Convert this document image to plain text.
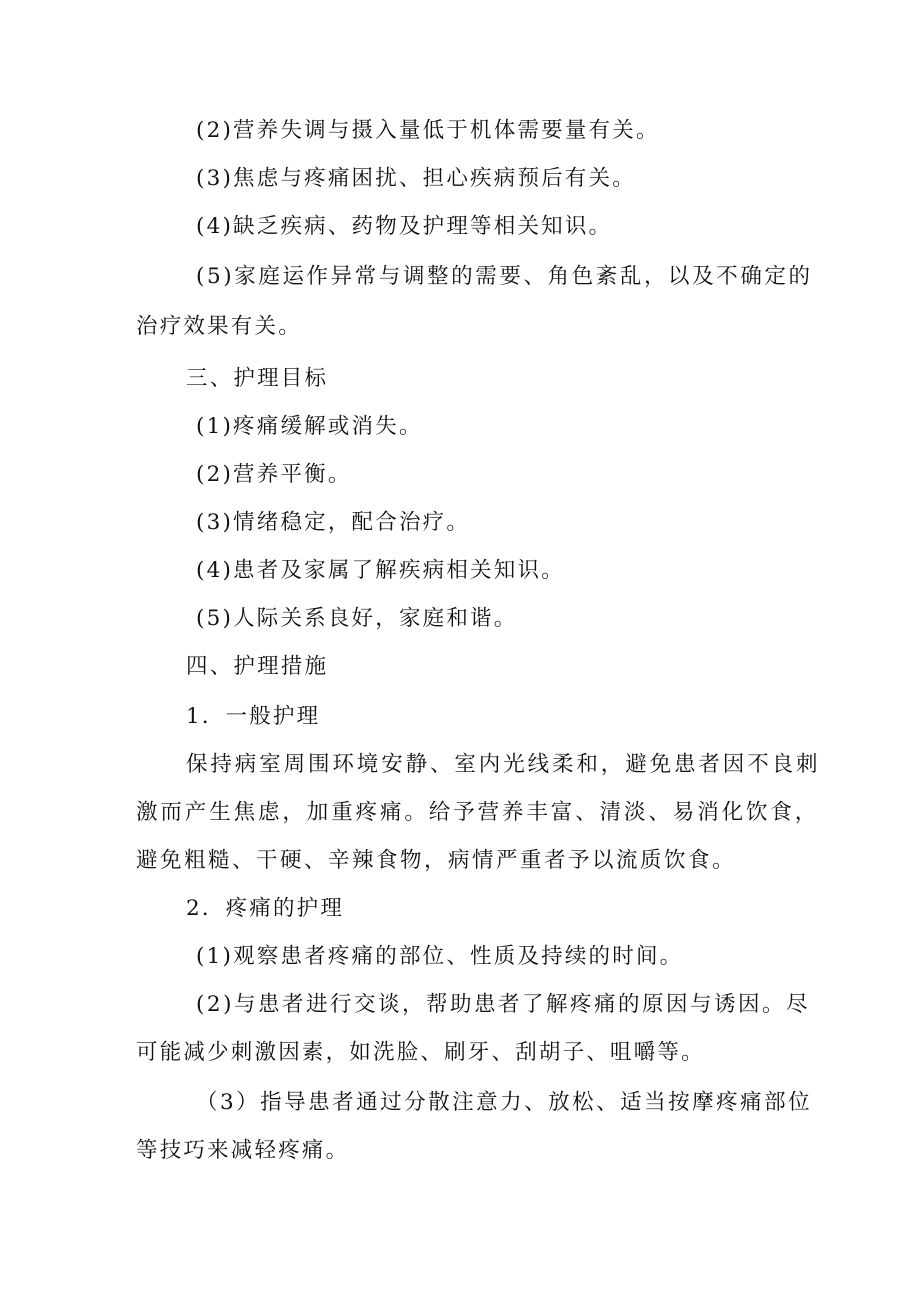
(2)营养失调与摄入量低于机体需要量有关。
(3)焦虑与疼痛困扰、担心疾病预后有关。
(4)缺乏疾病、药物及护理等相关知识。
(5)家庭运作异常与调整的需要、角色紊乱，以及不确定的
治疗效果有关。
三、护理目标
(1)疼痛缓解或消失。
(2)营养平衡。
(3)情绪稳定，配合治疗。
(4)患者及家属了解疾病相关知识。
(5)人际关系良好，家庭和谐。
四、护理措施
1．一般护理
保持病室周围环境安静、室内光线柔和，避免患者因不良刺
激而产生焦虑，加重疼痛。给予营养丰富、清淡、易消化饮食，
避免粗糙、干硬、辛辣食物，病情严重者予以流质饮食。
2．疼痛的护理
(1)观察患者疼痛的部位、性质及持续的时间。
(2)与患者进行交谈，帮助患者了解疼痛的原因与诱因。尽
可能减少刺激因素，如洗脸、刷牙、刮胡子、咀嚼等。
（3）指导患者通过分散注意力、放松、适当按摩疼痛部位
等技巧来减轻疼痛。
